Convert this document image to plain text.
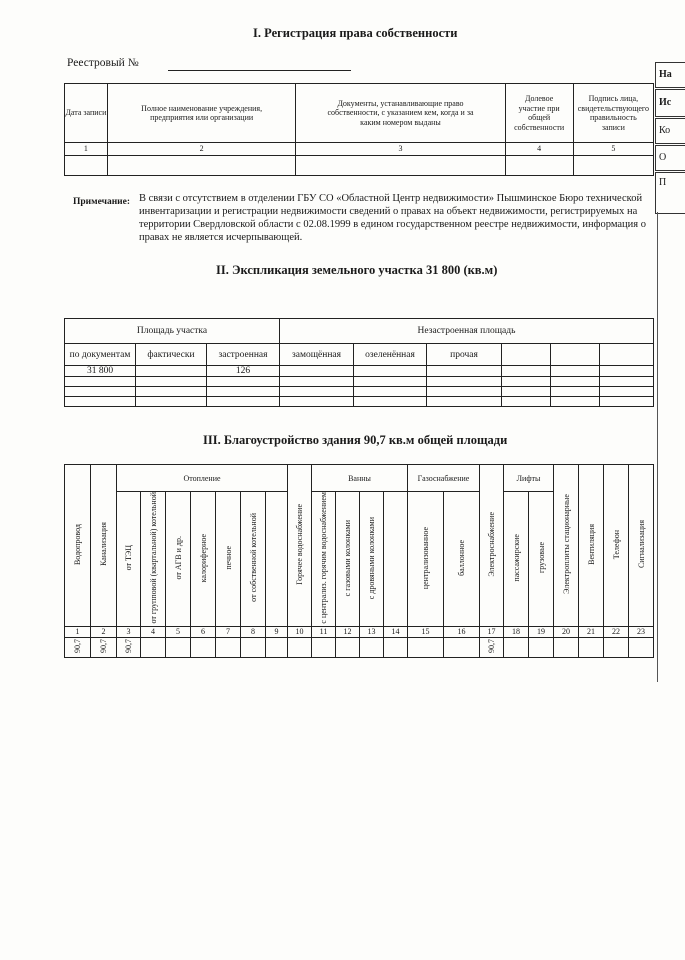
I. Регистрация права собственности
Реестровый №
Дата записи	Полное наименование учреждения, предприятия или организации	Документы, устанавливающие право собственности, с указанием кем, когда и за каким номером выданы	Долевое участие при общей собственности	Подпись лица, свидетельствующего правильность записи
1	2	3	4	5

Примечание: В связи с отсутствием в отделении ГБУ СО «Областной Центр недвижимости» Пышминское Бюро технической инвентаризации и регистрации недвижимости сведений о правах на объект недвижимости, регистрируемых на территории Свердловской области с 02.08.1999 в едином государственном реестре недвижимости, информация о правах не является исчерпывающей.
II. Экспликация земельного участка 31 800 (кв.м)
Площадь участка			Незастроенная площадь					
по документам	фактически	застроенная	замощённая	озеленённая	прочая			
31 800		126						

III. Благоустройство здания 90,7 кв.м общей площади
Водопровод	Канализация	Отопление							Горячее водоснабжение	Ванны				Газоснабжение		Электроснабжение	Лифты		Электроплиты стационарные	Вентиляция	Телефон	Сигнализация
		от ТЭЦ	от групповой (квартальной) котельной	от АГВ и др.	калориферное	печное	от собственной котельной			с централиз. горячим водоснабжением	с газовыми колонками	с дровяными колонками		централизованное	баллонное		пассажирские	грузовые				
1	2	3	4	5	6	7	8	9	10	11	12	13	14	15	16	17	18	19	20	21	22	23
90,7	90,7	90,7														90,7						
На
Ис
Ко
О
П
